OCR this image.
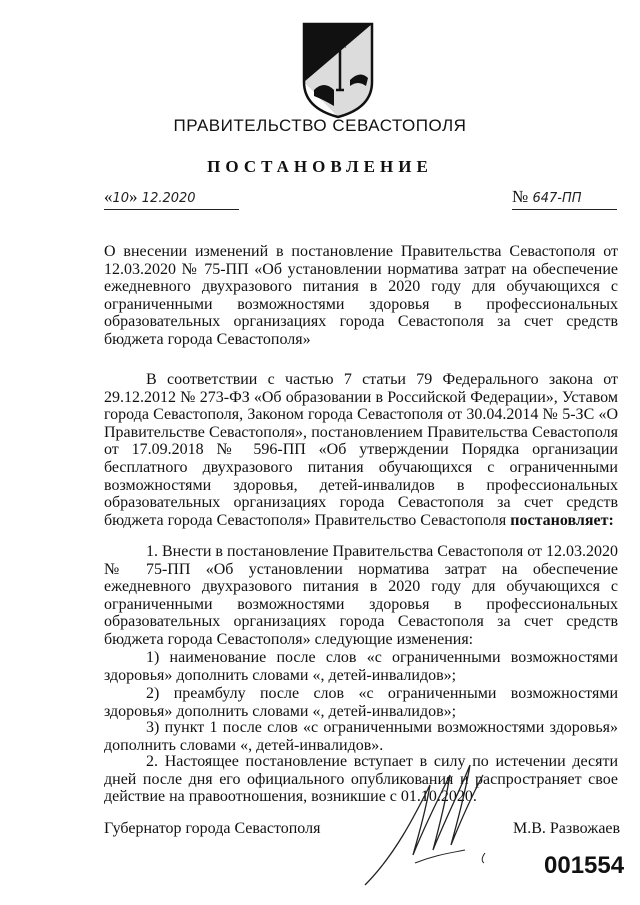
ПРАВИТЕЛЬСТВО СЕВАСТОПОЛЯ
ПОСТАНОВЛЕНИЕ
«10» 12.2020	№ 647-ПП

О внесении изменений в постановление Правительства Севастополя от 12.03.2020 № 75-ПП «Об установлении норматива затрат на обеспечение ежедневного двухразового питания в 2020 году для обучающихся с ограниченными возможностями здоровья в профессиональных образовательных организациях города Севастополя за счет средств бюджета города Севастополя»

В соответствии с частью 7 статьи 79 Федерального закона от 29.12.2012 № 273-ФЗ «Об образовании в Российской Федерации», Уставом города Севастополя, Законом города Севастополя от 30.04.2014 № 5-ЗС «О Правительстве Севастополя», постановлением Правительства Севастополя от 17.09.2018 № 596-ПП «Об утверждении Порядка организации бесплатного двухразового питания обучающихся с ограниченными возможностями здоровья, детей-инвалидов в профессиональных образовательных организациях города Севастополя за счет средств бюджета города Севастополя» Правительство Севастополя постановляет:

1. Внести в постановление Правительства Севастополя от 12.03.2020 № 75-ПП «Об установлении норматива затрат на обеспечение ежедневного двухразового питания в 2020 году для обучающихся с ограниченными возможностями здоровья в профессиональных образовательных организациях города Севастополя за счет средств бюджета города Севастополя» следующие изменения:

1) наименование после слов «с ограниченными возможностями здоровья» дополнить словами «, детей-инвалидов»;

2) преамбулу после слов «с ограниченными возможностями здоровья» дополнить словами «, детей-инвалидов»;

3) пункт 1 после слов «с ограниченными возможностями здоровья» дополнить словами «, детей-инвалидов».

2. Настоящее постановление вступает в силу по истечении десяти дней после дня его официального опубликования и распространяет свое действие на правоотношения, возникшие с 01.10.2020.

Губернатор города Севастополя	М.В. Развожаев
001554
